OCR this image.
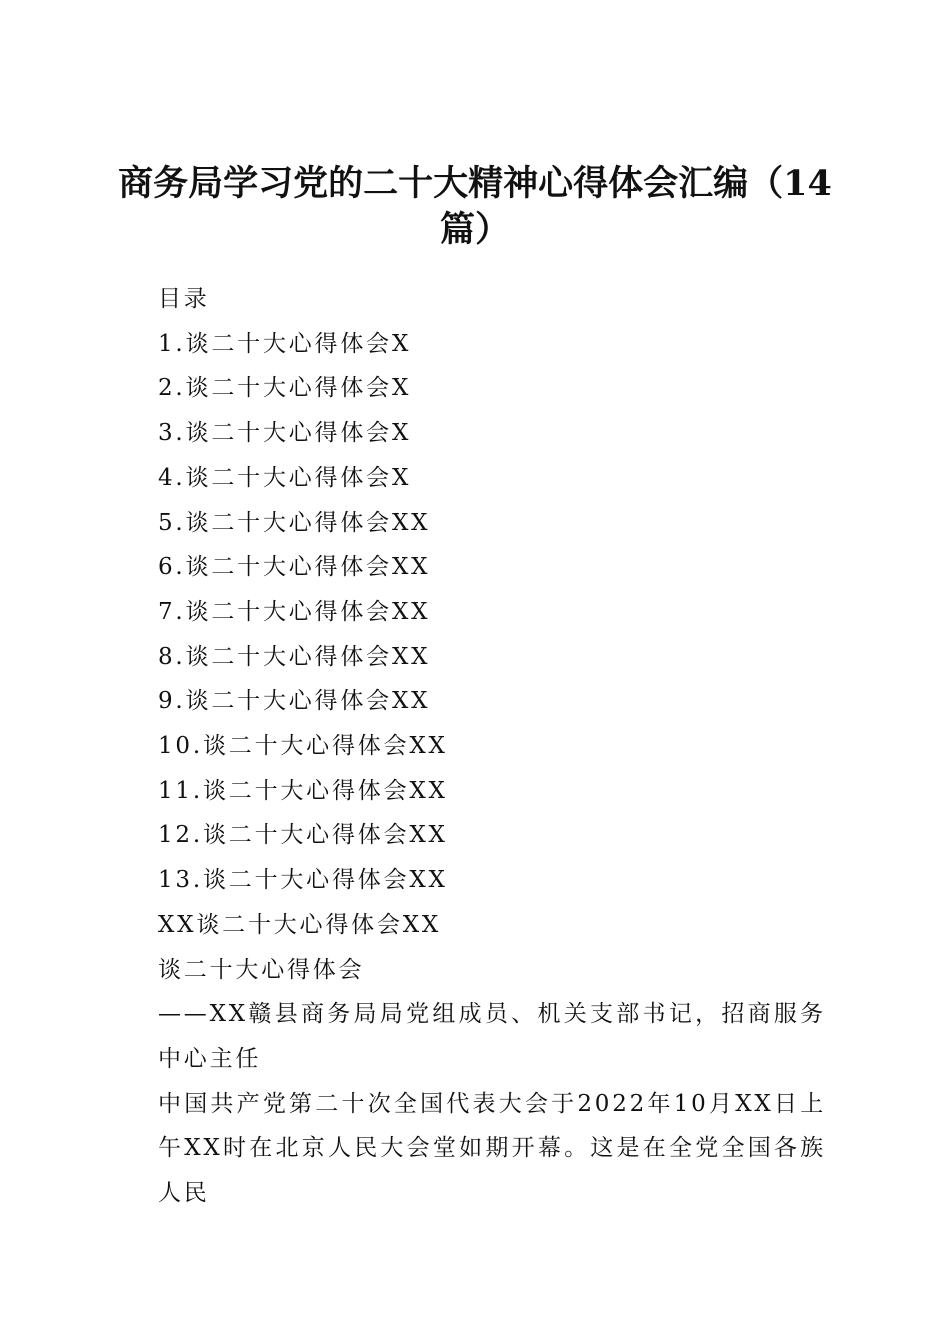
商务局学习党的二十大精神心得体会汇编（14篇）
目录
1.谈二十大心得体会X
2.谈二十大心得体会X
3.谈二十大心得体会X
4.谈二十大心得体会X
5.谈二十大心得体会XX
6.谈二十大心得体会XX
7.谈二十大心得体会XX
8.谈二十大心得体会XX
9.谈二十大心得体会XX
10.谈二十大心得体会XX
11.谈二十大心得体会XX
12.谈二十大心得体会XX
13.谈二十大心得体会XX
XX谈二十大心得体会XX
谈二十大心得体会

——XX赣县商务局局党组成员、机关支部书记，招商服务中心主任

中国共产党第二十次全国代表大会于2022年10月XX日上午XX时在北京人民大会堂如期开幕。这是在全党全国各族人民
